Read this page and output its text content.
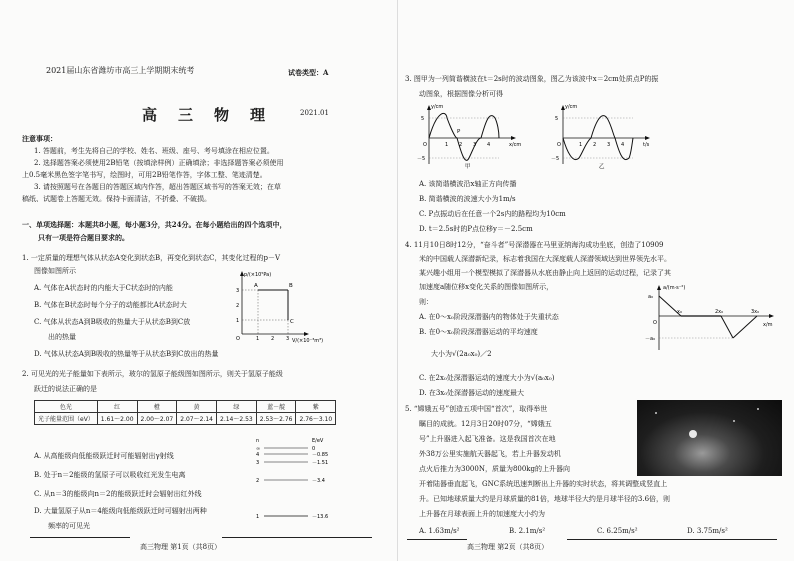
2021届山东省潍坊市高三上学期期末统考	试卷类型：A
高　三　物　理	2021.01
注意事项：
1. 答题前，考生先将自己的学校、姓名、班级、座号、考号填涂在相应位置。
2. 选择题答案必须使用2B铅笔（按填涂样例）正确填涂；非选择题答案必须使用
上0.5毫米黑色签字笔书写，绘图时，可用2B铅笔作答，字体工整、笔迹清楚。
3. 请按照题号在各题目的答题区域内作答，超出答题区域书写的答案无效；在草
稿纸、试题卷上答题无效。保持卡面清洁，不折叠、不破损。
一、单项选择题：本题共8小题，每小题3分，共24分。在每小题给出的四个选项中，
只有一项是符合题目要求的。
1. 一定质量的理想气体从状态A变化到状态B，再变化到状态C，其变化过程的p－V
图像如图所示
A. 气体在A状态时的内能大于C状态时的内能
B. 气体在B状态时每个分子的动能都比A状态时大
C. 气体从状态A到B吸收的热量大于从状态B到C放
出的热量
D. 气体从状态A到B吸收的热量等于从状态B到C放出的热量
p/(×10⁵Pa)
V/(×10⁻³m³)
3
2
1
O	1 2 3
A	B
C
2. 可见光的光子能量如下表所示，玻尔的氢原子能级图如图所示，则关于氢原子能级
跃迁的说法正确的是
色光	红	橙	黄	绿	蓝－靛	紫
光子能量范围（eV）	1.61～2.00	2.00～2.07	2.07～2.14	2.14～2.53	2.53～2.76	2.76～3.10
A. 从高能级向低能级跃迁时可能辐射出γ射线
B. 处于n＝2能级的氢原子可以吸收红光发生电离
C. 从n＝3的能级向n＝2的能级跃迁时会辐射出红外线
D. 大量氢原子从n＝4能级向低能级跃迁时可辐射出两种
频率的可见光
n	E/eV
∞	0
4	－0.85
3	－1.51
2	－3.4
1	－13.6
高三物理 第1页（共8页）
3. 图甲为一列简谐横波在t＝2s时的波动图象，图乙为该波中x＝2cm处质点P的振
动图象，根据图像分析可得
y/cm
x/cm
5
－5
O	1 2 3 4
P
甲
y/cm
t/s
5
－5
O	1 2 3 4
乙
A. 该简谐横波沿x轴正方向传播
B. 简谐横波的波速大小为1m/s
C. P点振动后在任意一个2s内的路程均为10cm
D. t＝2.5s时的P点位移y＝－2.5cm
4. 11月10日8时12分，“奋斗者”号深潜器在马里亚纳海沟成功坐底，创造了10909
米的中国载人深潜新纪录，标志着我国在大深度载人深潜领域达到世界领先水平。
某兴趣小组用一个模型模拟了深潜器从水底由静止向上返回的运动过程，记录了其
加速度a随位移x变化关系的图像如图所示，
则：
A. 在0～x₀阶段深潜器内的物体处于失重状态
B. 在0～x₀阶段深潜器运动的平均速度
大小为√(2a₀x₀)／2
C. 在2x₀处深潜器运动的速度大小为√(a₀x₀)
D. 在3x₀处深潜器运动的速度最大
a/(m·s⁻²)
x/m
a₀
－a₀
O
x₀	2x₀	3x₀
5. “嫦娥五号”创造五项中国“首次”，取得举世
瞩目的成就。12月3日20时07分，“嫦娥五
号”上升器进入起飞准备。这是我国首次在地
外38万公里实施航天器起飞，若上升器发动机
点火后推力为3000N，质量为800kg的上升器向
开着陆器垂直起飞，GNC系统迅速判断出上升器的实时状态，将其调整成竖直上
升。已知地球质量大约是月球质量的81倍，地球半径大约是月球半径的3.6倍，则
上升器在月球表面上升的加速度大小约为
A. 1.63m/s²	B. 2.1m/s²	C. 6.25m/s²	D. 3.75m/s²
高三物理 第2页（共8页）
